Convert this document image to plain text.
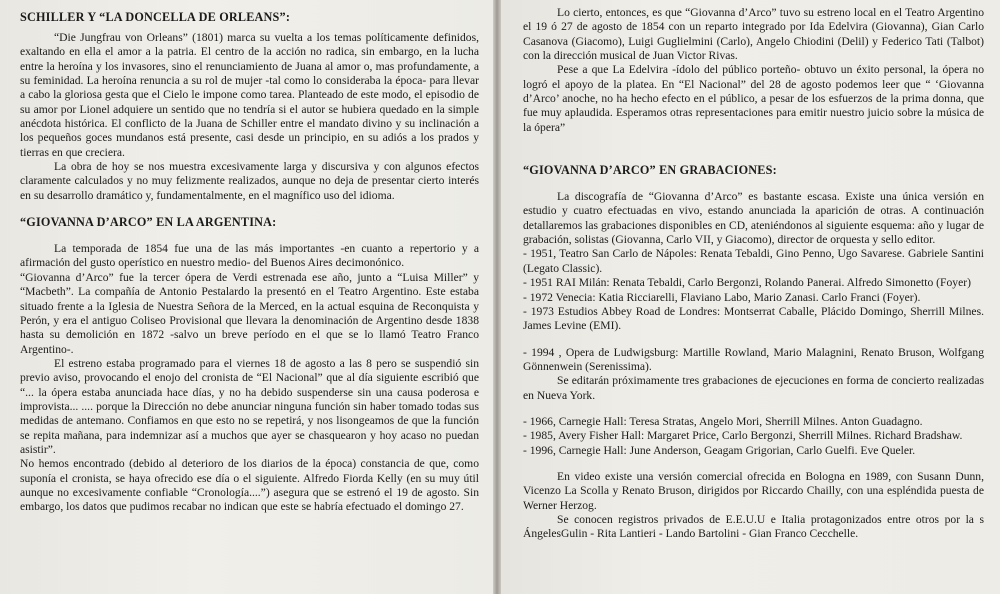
SCHILLER Y “LA DONCELLA DE ORLEANS”:

“Die Jungfrau von Orleans” (1801) marca su vuelta a los temas políticamente definidos, exaltando en ella el amor a la patria. El centro de la acción no radica, sin embargo, en la lucha entre la heroína y los invasores, sino el renunciamiento de Juana al amor o, mas profundamente, a su feminidad. La heroína renuncia a su rol de mujer -tal como lo consideraba la época- para llevar a cabo la gloriosa gesta que el Cielo le impone como tarea. Planteado de este modo, el episodio de su amor por Lionel adquiere un sentido que no tendría si el autor se hubiera quedado en la simple anécdota histórica. El conflicto de la Juana de Schiller entre el mandato divino y su inclinación a los pequeños goces mundanos está presente, casi desde un principio, en su adiós a los prados y tierras en que creciera.

La obra de hoy se nos muestra excesivamente larga y discursiva y con algunos efectos claramente calculados y no muy felizmente realizados, aunque no deja de presentar cierto interés en su desarrollo dramático y, fundamentalmente, en el magnífico uso del idioma.

“GIOVANNA D’ARCO” EN LA ARGENTINA:

La temporada de 1854 fue una de las más importantes -en cuanto a repertorio y a afirmación del gusto operístico en nuestro medio- del Buenos Aires decimonónico.

“Giovanna d’Arco” fue la tercer ópera de Verdi estrenada ese año, junto a “Luisa Miller” y “Macbeth”. La compañía de Antonio Pestalardo la presentó en el Teatro Argentino. Este estaba situado frente a la Iglesia de Nuestra Señora de la Merced, en la actual esquina de Reconquista y Perón, y era el antiguo Coliseo Provisional que llevara la denominación de Argentino desde 1838 hasta su demolición en 1872 -salvo un breve período en el que se lo llamó Teatro Franco Argentino-.

El estreno estaba programado para el viernes 18 de agosto a las 8 pero se suspendió sin previo aviso, provocando el enojo del cronista de “El Nacional” que al día siguiente escribió que “... la ópera estaba anunciada hace días, y no ha debido suspenderse sin una causa poderosa e improvista... .... porque la Dirección no debe anunciar ninguna función sin haber tomado todas sus medidas de antemano. Confiamos en que esto no se repetirá, y nos lisongeamos de que la función se repita mañana, para indemnizar así a muchos que ayer se chasquearon y hoy acaso no puedan asistir”.

No hemos encontrado (debido al deterioro de los diarios de la época) constancia de que, como suponía el cronista, se haya ofrecido ese día o el siguiente. Alfredo Fiorda Kelly (en su muy útil aunque no excesivamente confiable “Cronología....”) asegura que se estrenó el 19 de agosto. Sin embargo, los datos que pudimos recabar no indican que este se habría efectuado el domingo 27.

Lo cierto, entonces, es que “Giovanna d’Arco” tuvo su estreno local en el Teatro Argentino el 19 ó 27 de agosto de 1854 con un reparto integrado por Ida Edelvira (Giovanna), Gian Carlo Casanova (Giacomo), Luigi Guglielmini (Carlo), Angelo Chiodini (Delil) y Federico Tati (Talbot) con la dirección musical de Juan Victor Rivas.

Pese a que La Edelvira -ídolo del público porteño- obtuvo un éxito personal, la ópera no logró el apoyo de la platea. En “El Nacional” del 28 de agosto podemos leer que “ ‘Giovanna d’Arco’ anoche, no ha hecho efecto en el público, a pesar de los esfuerzos de la prima donna, que fue muy aplaudida. Esperamos otras representaciones para emitir nuestro juicio sobre la música de la ópera”

“GIOVANNA D’ARCO” EN GRABACIONES:

La discografía de “Giovanna d’Arco” es bastante escasa. Existe una única versión en estudio y cuatro efectuadas en vivo, estando anunciada la aparición de otras. A continuación detallaremos las grabaciones disponibles en CD, ateniéndonos al siguiente esquema: año y lugar de grabación, solistas (Giovanna, Carlo VII, y Giacomo), director de orquesta y sello editor.

- 1951, Teatro San Carlo de Nápoles: Renata Tebaldi, Gino Penno, Ugo Savarese. Gabriele Santini (Legato Classic).

- 1951 RAI Milán: Renata Tebaldi, Carlo Bergonzi, Rolando Panerai. Alfredo Simonetto (Foyer)

- 1972 Venecia: Katia Ricciarelli, Flaviano Labo, Mario Zanasi. Carlo Franci (Foyer).

- 1973 Estudios Abbey Road de Londres: Montserrat Caballe, Plácido Domingo, Sherrill Milnes. James Levine (EMI).

- 1994 , Opera de Ludwigsburg: Martille Rowland, Mario Malagnini, Renato Bruson, Wolfgang Gönnenwein (Serenissima).

Se editarán próximamente tres grabaciones de ejecuciones en forma de concierto realizadas en Nueva York.

- 1966, Carnegie Hall: Teresa Stratas, Angelo Mori, Sherrill Milnes. Anton Guadagno.

- 1985, Avery Fisher Hall: Margaret Price, Carlo Bergonzi, Sherrill Milnes. Richard Bradshaw.

- 1996, Carnegie Hall: June Anderson, Geagam Grigorian, Carlo Guelfi. Eve Queler.

En video existe una versión comercial ofrecida en Bologna en 1989, con Susann Dunn, Vicenzo La Scolla y Renato Bruson, dirigidos por Riccardo Chailly, con una espléndida puesta de Werner Herzog.

Se conocen registros privados de E.E.U.U e Italia protagonizados entre otros por la s ÁngelesGulin - Rita Lantieri - Lando Bartolini - Gian Franco Cecchelle.
